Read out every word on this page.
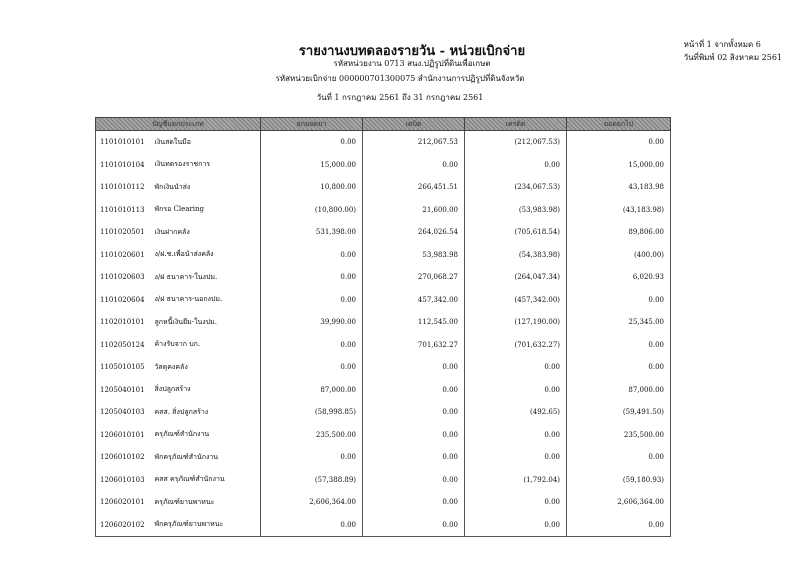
รายงานงบทดลองรายวัน - หน่วยเบิกจ่าย
รหัสหน่วยงาน 0713 สนง.ปฏิรูปที่ดินเพื่อเกษต
รหัสหน่วยเบิกจ่าย 000000701300075 สำนักงานการปฏิรูปที่ดินจังหวัด
วันที่ 1 กรกฎาคม 2561 ถึง 31 กรกฎาคม 2561
หน้าที่ 1 จากทั้งหมด 6
วันที่พิมพ์ 02 สิงหาคม 2561
บัญชีแยกประเภท		ยกยอดมา	เดบิต	เครดิต	ยอดยกไป
1101010101	เงินสดในมือ	0.00	212,067.53	(212,067.53)	0.00
1101010104	เงินทดรองราชการ	15,000.00	0.00	0.00	15,000.00
1101010112	พักเงินนำส่ง	10,800.00	266,451.51	(234,067.53)	43,183.98
1101010113	พักรอ Clearing	(10,800.00)	21,600.00	(53,983.98)	(43,183.98)
1101020501	เงินฝากคลัง	531,398.00	264,026.54	(705,618.54)	89,806.00
1101020601	ง/ฝ.ช.เพื่อนำส่งคลัง	0.00	53,983.98	(54,383.98)	(400.00)
1101020603	ง/ฝ ธนาคาร-ในงปม.	0.00	270,068.27	(264,047.34)	6,020.93
1101020604	ง/ฝ ธนาคาร-นอกงปม.	0.00	457,342.00	(457,342.00)	0.00
1102010101	ลูกหนี้เงินยืม-ในงปม.	39,990.00	112,545.00	(127,190.00)	25,345.00
1102050124	ค้างรับจาก บก.	0.00	701,632.27	(701,632.27)	0.00
1105010105	วัสดุคงคลัง	0.00	0.00	0.00	0.00
1205040101	สิ่งปลูกสร้าง	87,000.00	0.00	0.00	87,000.00
1205040103	คสส. สิ่งปลูกสร้าง	(58,998.85)	0.00	(492.65)	(59,491.50)
1206010101	ครุภัณฑ์สำนักงาน	235,500.00	0.00	0.00	235,500.00
1206010102	พักครุภัณฑ์สำนักงาน	0.00	0.00	0.00	0.00
1206010103	คสส ครุภัณฑ์สำนักงาน	(57,388.89)	0.00	(1,792.04)	(59,180.93)
1206020101	ครุภัณฑ์ยานพาหนะ	2,606,364.00	0.00	0.00	2,606,364.00
1206020102	พักครุภัณฑ์ยานพาหนะ	0.00	0.00	0.00	0.00
